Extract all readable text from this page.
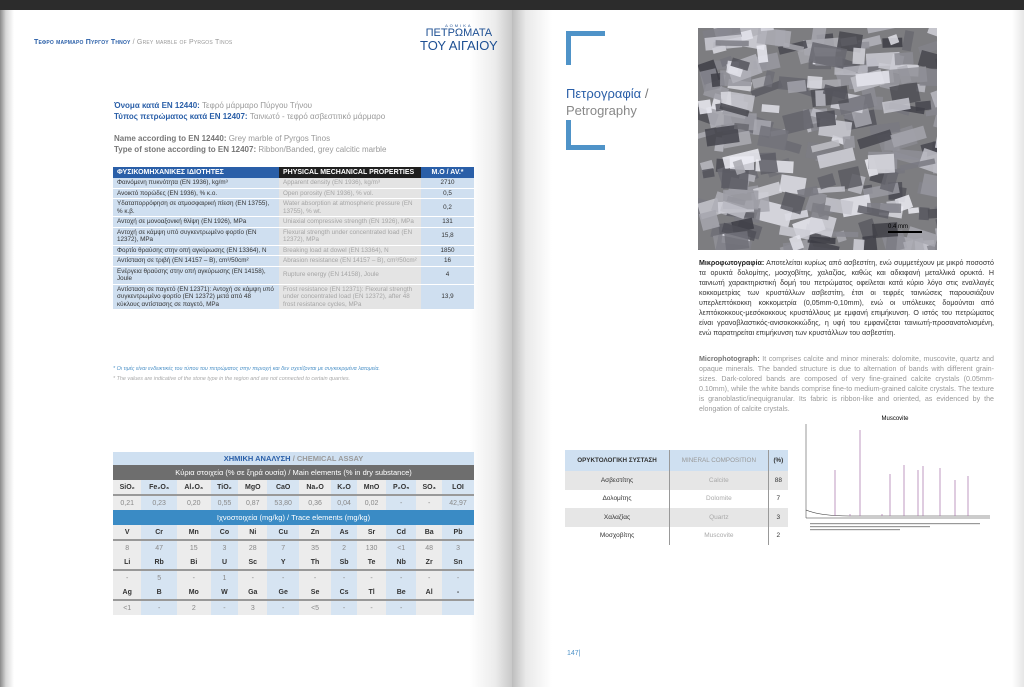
Τεφρο μαρμαρο Πυργου Τηνου / Grey marble of Pyrgos Tinos
ΔΟΜΙΚΑ
ΠΕΤΡΩΜΑΤΑ
ΤΟΥ ΑΙΓΑΙΟΥ
Όνομα κατά EN 12440: Τεφρό μάρμαρο Πύργου Τήνου
Τύπος πετρώματος κατά EN 12407: Ταινιωτό - τεφρό ασβεστιτικό μάρμαρο
Name according to EN 12440: Grey marble of Pyrgos Tinos
Type of stone according to EN 12407: Ribbon/Banded, grey calcitic marble
ΦΥΣΙΚΟΜΗΧΑΝΙΚΕΣ ΙΔΙΟΤΗΤΕΣ	PHYSICAL MECHANICAL PROPERTIES	M.O / AV.*
Φαινόμενη πυκνότητα (EN 1936), kg/m³	Apparent density (EN 1936), kg/m³	2710
Ανοικτό πορώδες (EN 1936), % κ.ο.	Open porosity (EN 1936), % vol.	0,5
Υδαταπορρόφηση σε ατμοσφαιρική πίεση (EN 13755), % κ.β.	Water absorption at atmospheric pressure (EN 13755), % wt.	0,2
Αντοχή σε μονοαξονική θλίψη (EN 1926), MPa	Uniaxial compressive strength (EN 1926), MPa	131
Αντοχή σε κάμψη υπό συγκεντρωμένο φορτίο (EN 12372), MPa	Flexural strength under concentrated load (EN 12372), MPa	15,8
Φορτίο θραύσης στην οπή αγκύρωσης (EN 13364), N	Breaking load at dowel (EN 13364), N	1850
Αντίσταση σε τριβή (EN 14157 – B), cm³/50cm²	Abrasion resistance (EN 14157 – B), cm³/50cm²	16
Ενέργεια θραύσης στην οπή αγκύρωσης (EN 14158), Joule	Rupture energy (EN 14158), Joule	4
Αντίσταση σε παγετό (EN 12371): Αντοχή σε κάμψη υπό συγκεντρωμένο φορτίο (EN 12372) μετά από 48 κύκλους αντίστασης σε παγετό, MPa	Frost resistance (EN 12371): Flexural strength under concentrated load (EN 12372), after 48 frost resistance cycles, MPa	13,9
* Οι τιμές είναι ενδεικτικές του τύπου του πετρώματος στην περιοχή και δεν σχετίζονται με συγκεκριμένα λατομεία.
* The values are indicative of the stone type in the region and are not connected to certain quarries.
ΧΗΜΙΚΗ ΑΝΑΛΥΣΗ / CHEMICAL ASSAY											
Κύρια στοιχεία (% σε ξηρά ουσία) / Main elements (% in dry substance)											
SiO₂	Fe₂O₃	Al₂O₃	TiO₂	MgO	CaO	Na₂O	K₂O	MnO	P₂O₅	SO₃	LOI
0,21	0,23	0,20	0,55	0,87	53,80	0,36	0,04	0,02	-	-	42,97
Ιχνοστοιχεία (mg/kg) / Trace elements (mg/kg)											
V	Cr	Mn	Co	Ni	Cu	Zn	As	Sr	Cd	Ba	Pb
8	47	15	3	28	7	35	2	130	<1	48	3
Li	Rb	Bi	U	Sc	Y	Th	Sb	Te	Nb	Zr	Sn
-	5	-	1	-	-	-	-	-	-	-	-
Ag	B	Mo	W	Ga	Ge	Se	Cs	Tl	Be	Al	-
<1	-	2	-	3	-	<5	-	-	-		
Πετρογραφία /
Petrography
0.4 mm
Μικροφωτογραφία: Αποτελείται κυρίως από ασβεστίτη, ενώ συμμετέχουν με μικρό ποσοστό τα ορυκτά δολομίτης, μοσχοβίτης, χαλαζίας, καθώς και αδιαφανή μεταλλικά ορυκτά. Η ταινιωτή χαρακτηριστική δομή του πετρώματος οφείλεται κατά κύριο λόγο στις εναλλαγές κοκκομετρίας των κρυστάλλων ασβεστίτη, έτσι οι τεφρές ταινιώσεις παρουσιάζουν υπερλεπτόκοκκη κοκκομετρία (0,05mm-0,10mm), ενώ οι υπόλευκες δομούνται από λεπτόκοκκους-μεσόκοκκους κρυστάλλους με εμφανή επιμήκυνση. Ο ιστός του πετρώματος είναι γρανοβλαστικός-ανισοκοκκώδης, η υφή του εμφανίζεται ταινιωτή-προσανατολισμένη, ενώ παρατηρείται επιμήκυνση των κρυστάλλων του ασβεστίτη.
Microphotograph: It comprises calcite and minor minerals: dolomite, muscovite, quartz and opaque minerals. The banded structure is due to alternation of bands with different grain-sizes. Dark-colored bands are composed of very fine-grained calcite crystals (0.05mm-0.10mm), while the white bands comprise fine-to medium-grained calcite crystals. The texture is granoblastic/inequigranular. Its fabric is ribbon-like and oriented, as evidenced by the elongation of calcite crystals.
ΟΡΥΚΤΟΛΟΓΙΚΗ ΣΥΣΤΑΣΗ	MINERAL COMPOSITION	(%)
Ασβεστίτης	Calcite	88
Δολομίτης	Dolomite	7
Χαλαζίας	Quartz	3
Μοσχοβίτης	Muscovite	2
Muscovite
147|
